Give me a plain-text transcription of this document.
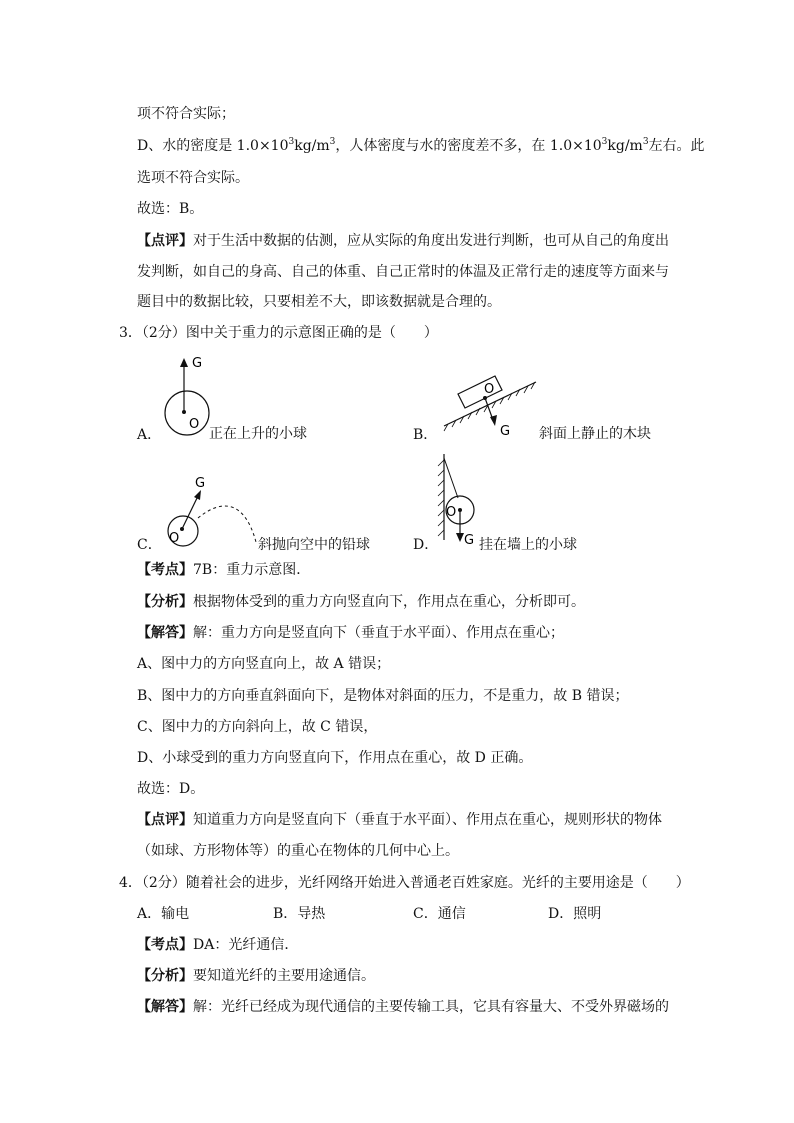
项不符合实际；
D、水的密度是 $1.0\times 10^3kg/m^3$，人体密度与水的密度差不多，在 $1.0\times 10^3kg/m^3$左右。此
选项不符合实际。
故选：B。
【点评】对于生活中数据的估测，应从实际的角度出发进行判断，也可从自己的角度出
发判断，如自己的身高、自己的体重、自己正常时的体温及正常行走的速度等方面来与
题目中的数据比较，只要相差不大，即该数据就是合理的。
3．（2分）图中关于重力的示意图正确的是（　　）
A．
G
O
正在上升的小球	B．
O
G 斜面上静止的木块
C．
G
O	斜抛向空中的铅球	D．
O
G 挂在墙上的小球
【考点】7B：重力示意图．
【分析】根据物体受到的重力方向竖直向下，作用点在重心，分析即可。
【解答】解：重力方向是竖直向下（垂直于水平面）、作用点在重心；
A、图中力的方向竖直向上，故 A 错误；
B、图中力的方向垂直斜面向下，是物体对斜面的压力，不是重力，故 B 错误；
C、图中力的方向斜向上，故 C 错误，
D、小球受到的重力方向竖直向下，作用点在重心，故 D 正确。
故选：D。
【点评】知道重力方向是竖直向下（垂直于水平面）、作用点在重心，规则形状的物体
（如球、方形物体等）的重心在物体的几何中心上。
4．（2分）随着社会的进步，光纤网络开始进入普通老百姓家庭。光纤的主要用途是（　　）
A．输电	B．导热	C．通信	D．照明
【考点】DA：光纤通信．
【分析】要知道光纤的主要用途通信。
【解答】解：光纤已经成为现代通信的主要传输工具，它具有容量大、不受外界磁场的
